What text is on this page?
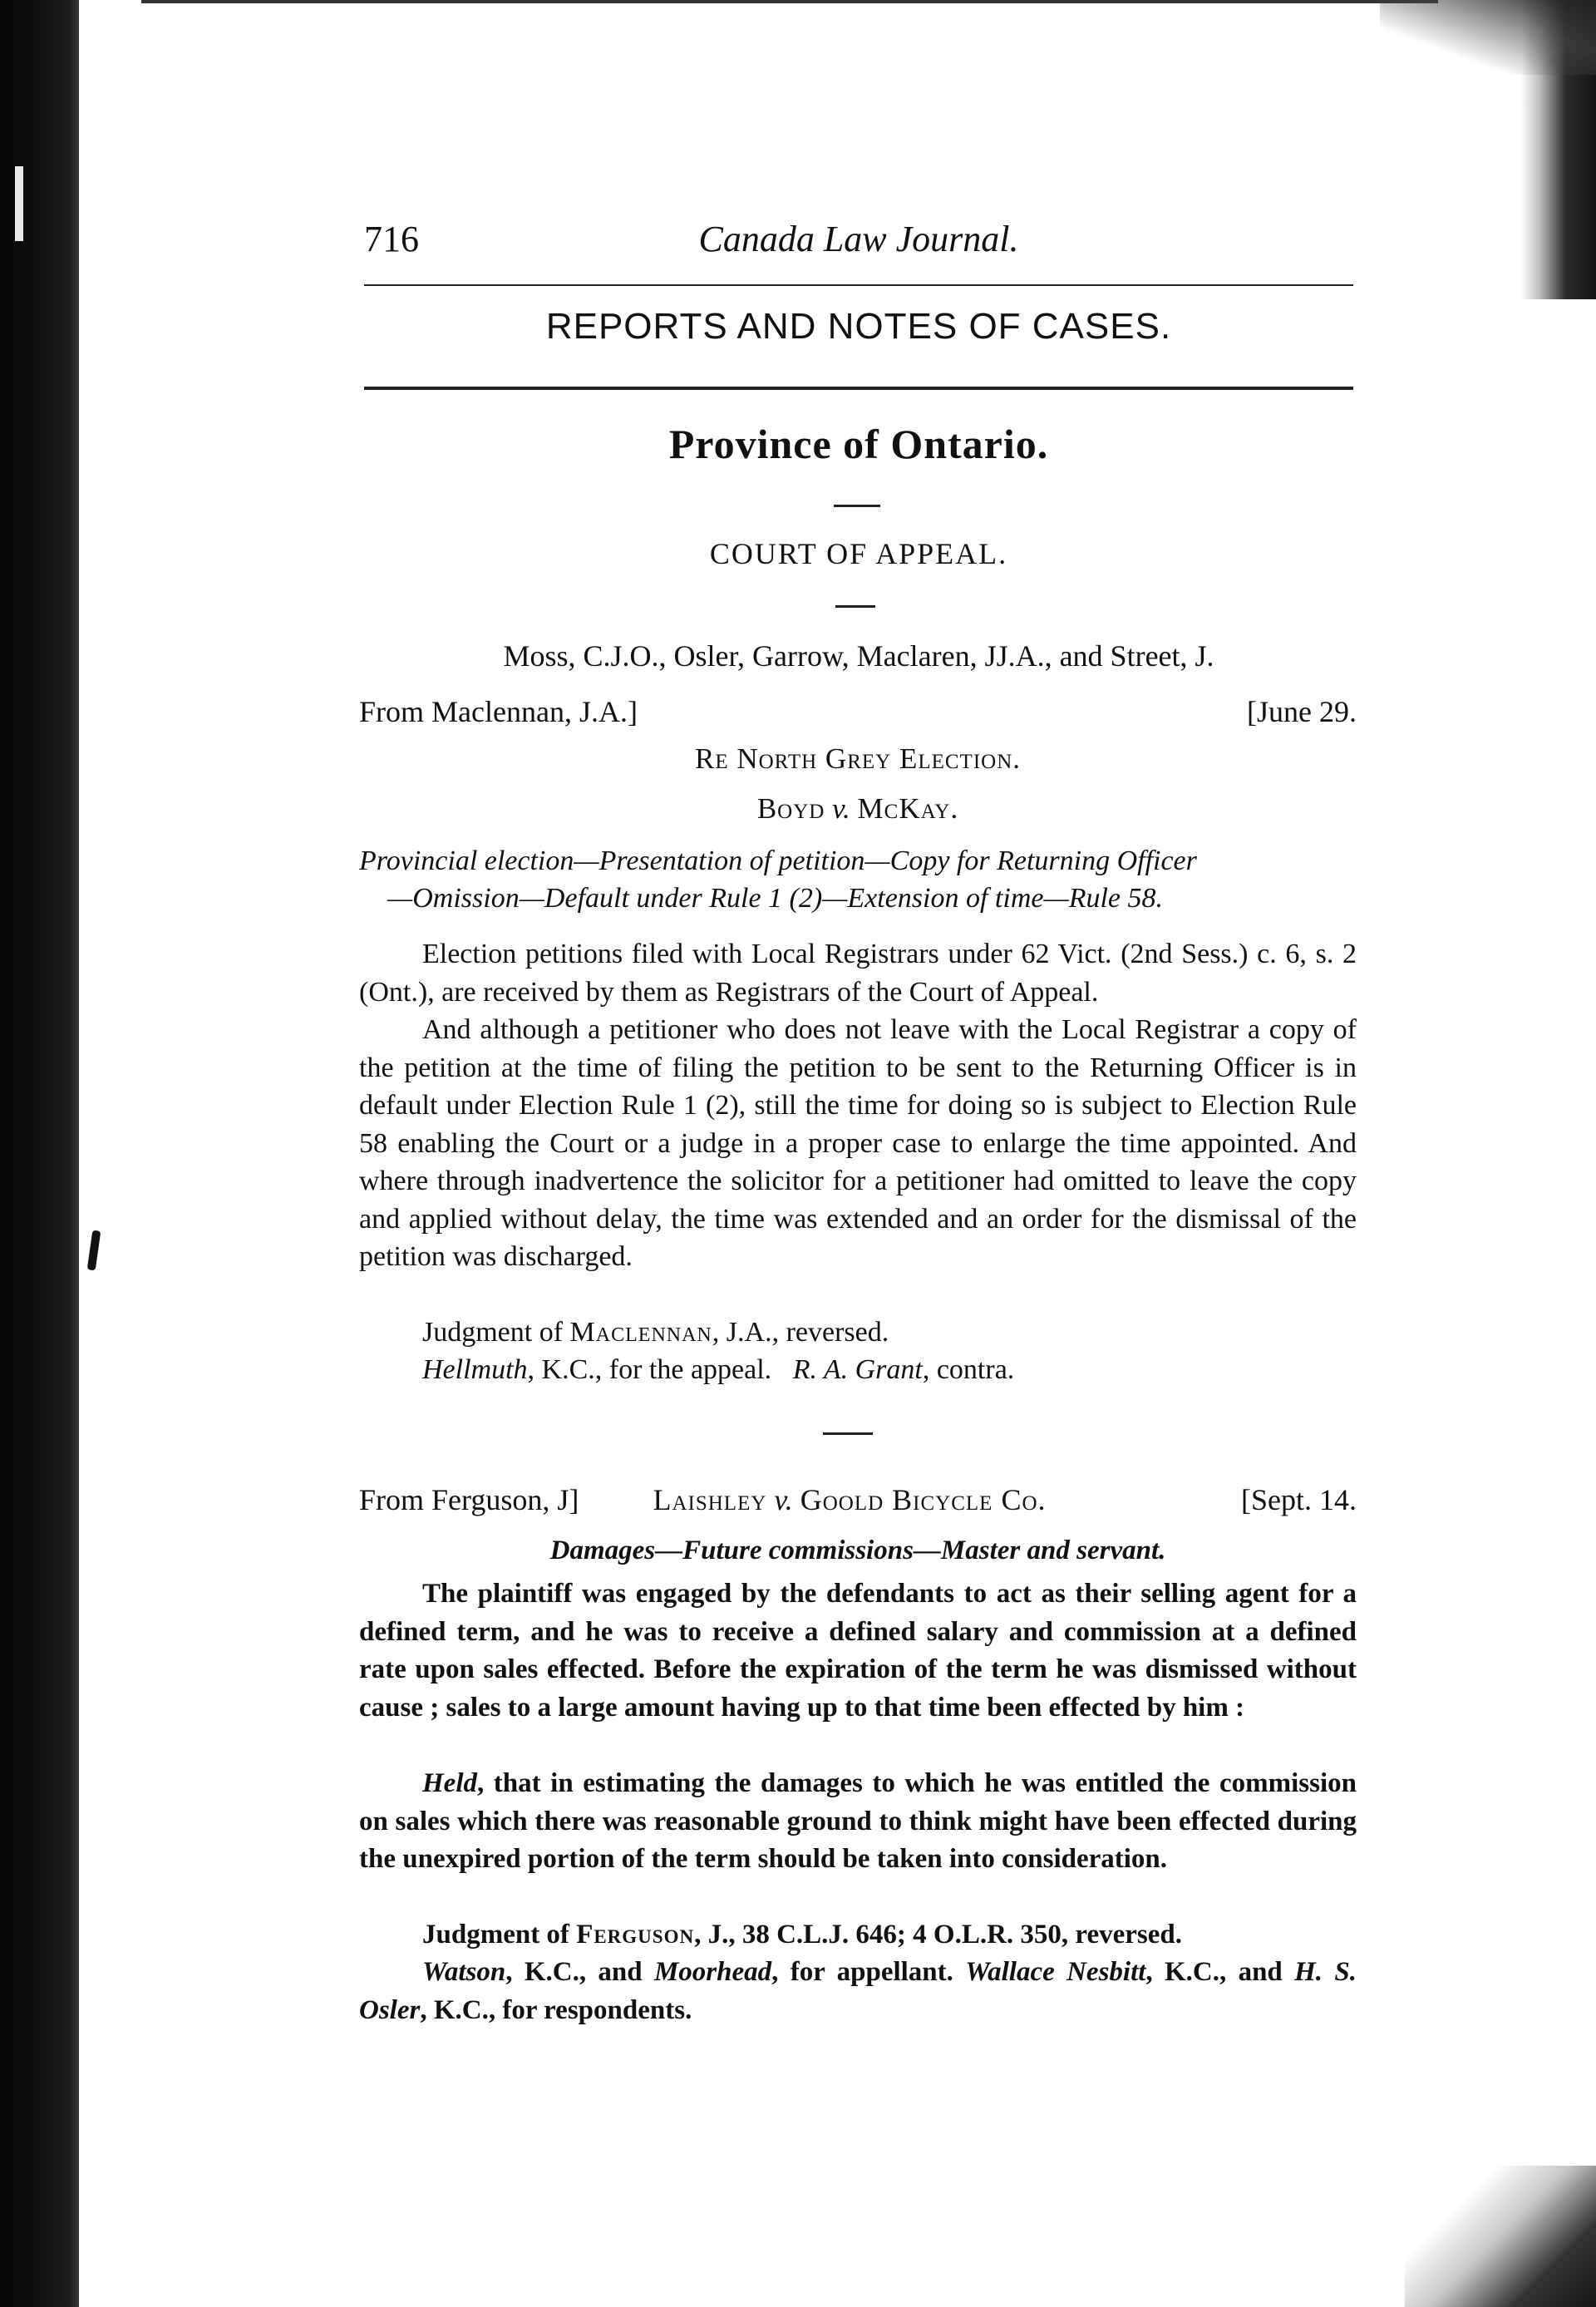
716	Canada Law Journal.
REPORTS AND NOTES OF CASES.
Province of Ontario.
COURT OF APPEAL.
Moss, C.J.O., Osler, Garrow, Maclaren, JJ.A., and Street, J.
From Maclennan, J.A.]	[June 29.
Re North Grey Election.
Boyd v. McKay.
Provincial election—Presentation of petition—Copy for Returning Officer
—Omission—Default under Rule 1 (2)—Extension of time—Rule 58.
Election petitions filed with Local Registrars under 62 Vict. (2nd Sess.) c. 6, s. 2 (Ont.), are received by them as Registrars of the Court of Appeal.
And although a petitioner who does not leave with the Local Registrar a copy of the petition at the time of filing the petition to be sent to the Returning Officer is in default under Election Rule 1 (2), still the time for doing so is subject to Election Rule 58 enabling the Court or a judge in a proper case to enlarge the time appointed. And where through inadvertence the solicitor for a petitioner had omitted to leave the copy and applied without delay, the time was extended and an order for the dismissal of the petition was discharged.
Judgment of Maclennan, J.A., reversed.
Hellmuth, K.C., for the appeal. R. A. Grant, contra.
From Ferguson, J]	Laishley v. Goold Bicycle Co.	[Sept. 14.
Damages—Future commissions—Master and servant.
The plaintiff was engaged by the defendants to act as their selling agent for a defined term, and he was to receive a defined salary and commission at a defined rate upon sales effected. Before the expiration of the term he was dismissed without cause ; sales to a large amount having up to that time been effected by him :
Held, that in estimating the damages to which he was entitled the commission on sales which there was reasonable ground to think might have been effected during the unexpired portion of the term should be taken into consideration.
Judgment of Ferguson, J., 38 C.L.J. 646; 4 O.L.R. 350, reversed.
Watson, K.C., and Moorhead, for appellant. Wallace Nesbitt, K.C., and H. S. Osler, K.C., for respondents.
